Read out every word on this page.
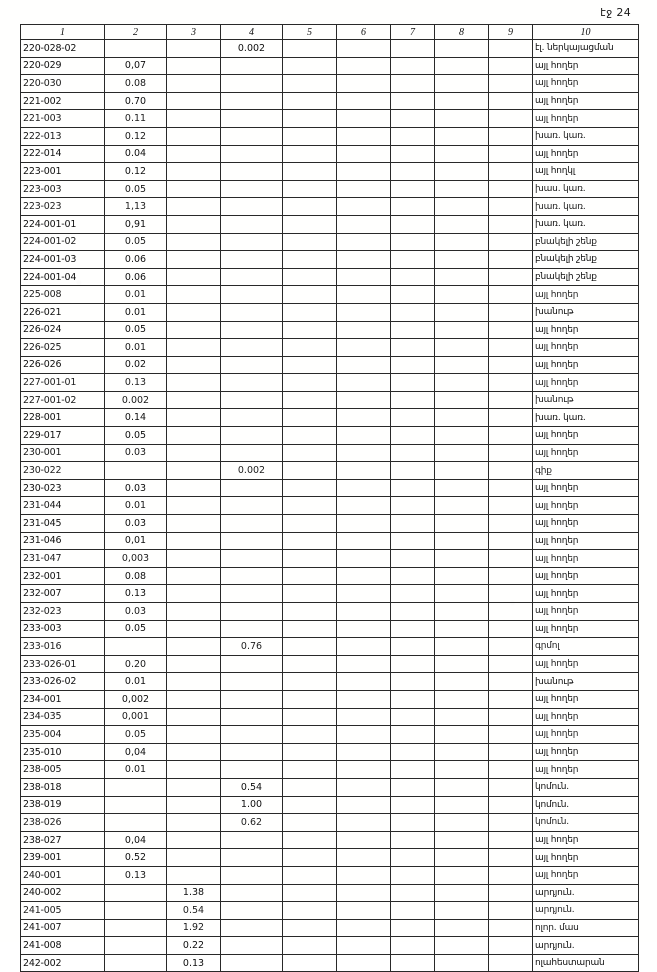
էջ 24
1	2	3	4	5	6	7	8	9	10
220-028-02			0.002						էլ. ներկայացման
220-029	0,07								այլ հողեր
220-030	0.08								այլ հողեր
221-002	0.70								այլ հողեր
221-003	0.11								այլ հողեր
222-013	0.12								խառ. կառ.
222-014	0.04								այլ հողեր
223-001	0.12								այլ հողկլ
223-003	0.05								խաս. կառ.
223-023	1,13								խառ. կառ.
224-001-01	0,91								խառ. կառ.
224-001-02	0.05								բնակելի շենք
224-001-03	0.06								բնակելի շենք
224-001-04	0.06								բնակելի շենք
225-008	0.01								այլ հողեր
226-021	0.01								խանութ
226-024	0.05								այլ հողեր
226-025	0.01								այլ հողեր
226-026	0.02								այլ հողեր
227-001-01	0.13								այլ հողեր
227-001-02	0.002								խանութ
228-001	0.14								խառ. կառ.
229-017	0.05								այլ հողեր
230-001	0.03								այլ հողեր
230-022			0.002						գիք
230-023	0.03								այլ հողեր
231-044	0.01								այլ հողեր
231-045	0.03								այլ հողեր
231-046	0,01								այլ հողեր
231-047	0,003								այլ հողեր
232-001	0.08								այլ հողեր
232-007	0.13								այլ հողեր
232-023	0.03								այլ հողեր
233-003	0.05								այլ հողեր
233-016			0.76						գրմոլ
233-026-01	0.20								այլ հողեր
233-026-02	0.01								խանութ
234-001	0,002								այլ հողեր
234-035	0,001								այլ հողեր
235-004	0.05								այլ հողեր
235-010	0,04								այլ հողեր
238-005	0.01								այլ հողեր
238-018			0.54						կոմուն.
238-019			1.00						կոմուն.
238-026			0.62						կոմուն.
238-027	0,04								այլ հողեր
239-001	0.52								այլ հողեր
240-001	0.13								այլ հողեր
240-002		1.38							արդյուն.
241-005		0.54							արդյուն.
241-007		1.92							ոլոր. մաս
241-008		0.22							արդյուն.
242-002		0.13							ոլահեստարան
